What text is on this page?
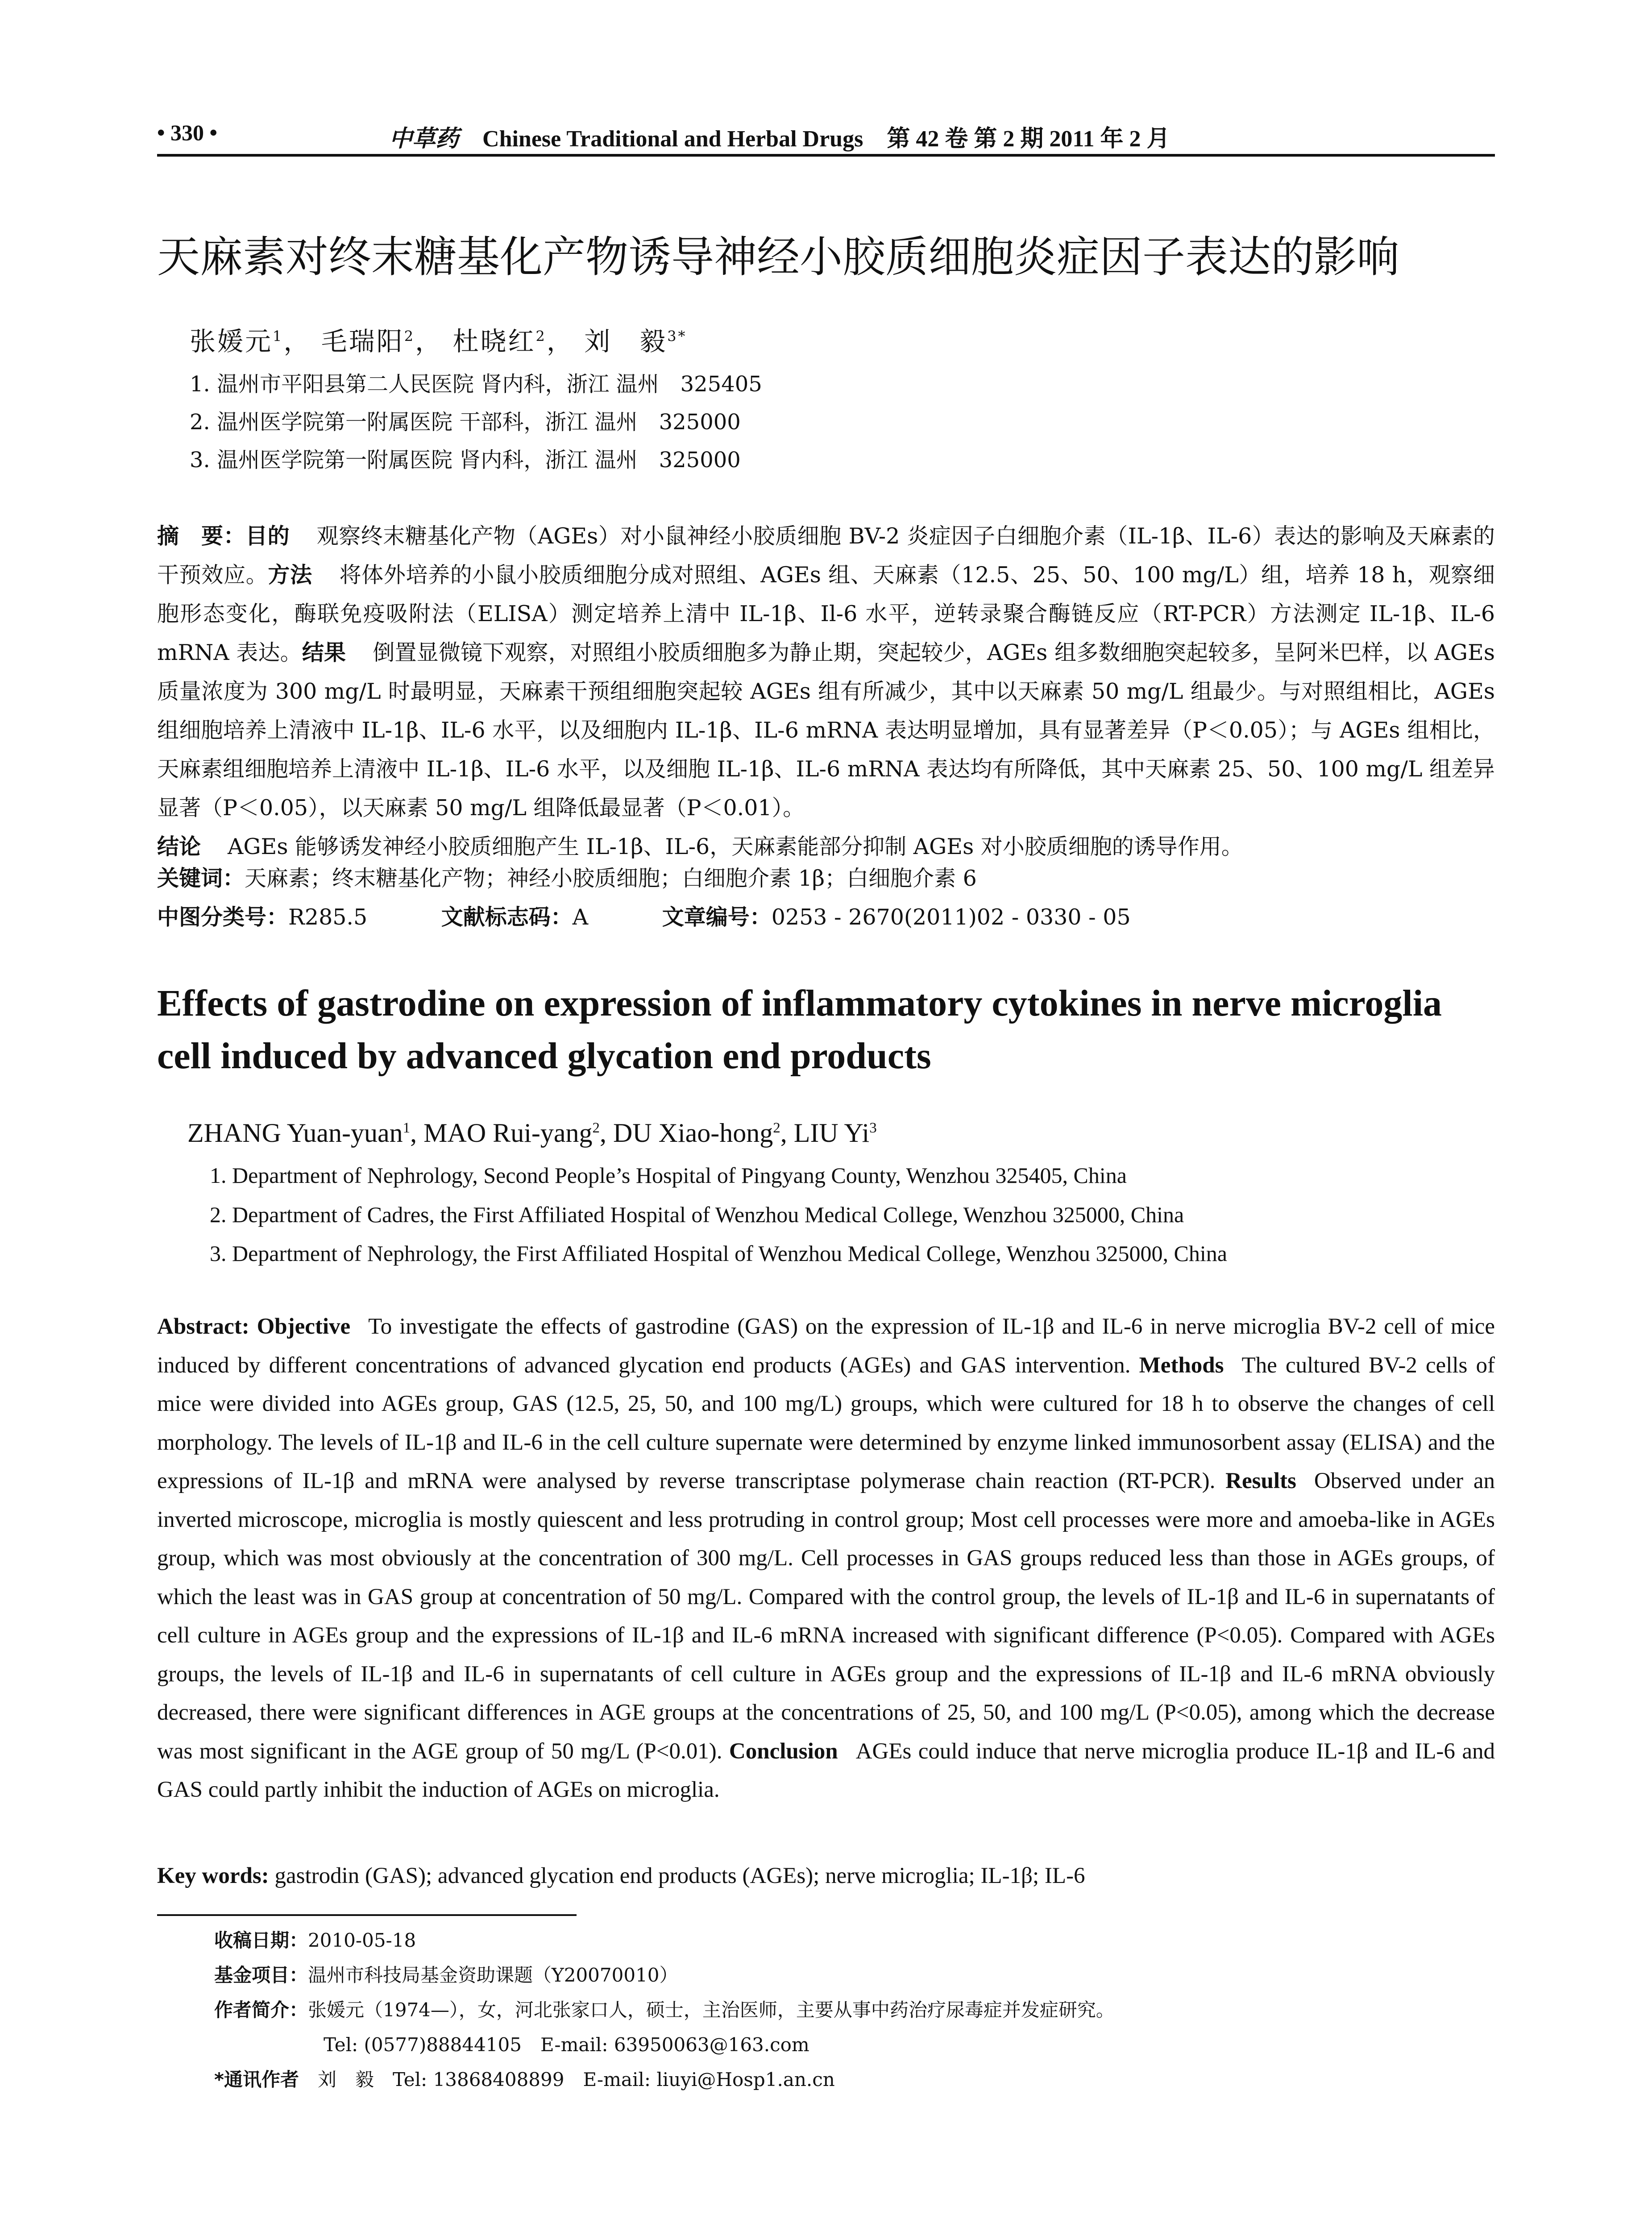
• 330 •	中草药 Chinese Traditional and Herbal Drugs 第 42 卷 第 2 期 2011 年 2 月
天麻素对终末糖基化产物诱导神经小胶质细胞炎症因子表达的影响
张媛元$^1$， 毛瑞阳$^2$， 杜晓红$^2$， 刘　毅$^{3*}$
1. 温州市平阳县第二人民医院 肾内科，浙江 温州　325405
2. 温州医学院第一附属医院 干部科，浙江 温州　325000
3. 温州医学院第一附属医院 肾内科，浙江 温州　325000
摘　要：目的 观察终末糖基化产物（AGEs）对小鼠神经小胶质细胞 BV-2 炎症因子白细胞介素（IL-1β、IL-6）表达的影响及天麻素的干预效应。方法 将体外培养的小鼠小胶质细胞分成对照组、AGEs 组、天麻素（12.5、25、50、100 mg/L）组，培养 18 h，观察细胞形态变化，酶联免疫吸附法（ELISA）测定培养上清中 IL-1β、Il-6 水平，逆转录聚合酶链反应（RT-PCR）方法测定 IL-1β、IL-6 mRNA 表达。结果 倒置显微镜下观察，对照组小胶质细胞多为静止期，突起较少，AGEs 组多数细胞突起较多，呈阿米巴样，以 AGEs 质量浓度为 300 mg/L 时最明显，天麻素干预组细胞突起较 AGEs 组有所减少，其中以天麻素 50 mg/L 组最少。与对照组相比，AGEs 组细胞培养上清液中 IL-1β、IL-6 水平，以及细胞内 IL-1β、IL-6 mRNA 表达明显增加，具有显著差异（P＜0.05）；与 AGEs 组相比，天麻素组细胞培养上清液中 IL-1β、IL-6 水平，以及细胞 IL-1β、IL-6 mRNA 表达均有所降低，其中天麻素 25、50、100 mg/L 组差异显著（P＜0.05），以天麻素 50 mg/L 组降低最显著（P＜0.01）。
结论 AGEs 能够诱发神经小胶质细胞产生 IL-1β、IL-6，天麻素能部分抑制 AGEs 对小胶质细胞的诱导作用。
关键词：天麻素；终末糖基化产物；神经小胶质细胞；白细胞介素 1β；白细胞介素 6
中图分类号：R285.5	文献标志码：A	文章编号：0253 - 2670(2011)02 - 0330 - 05
Effects of gastrodine on expression of inflammatory cytokines in nerve microglia cell induced by advanced glycation end products
ZHANG Yuan-yuan$^1$, MAO Rui-yang$^2$, DU Xiao-hong$^2$, LIU Yi$^3$
1. Department of Nephrology, Second People’s Hospital of Pingyang County, Wenzhou 325405, China
2. Department of Cadres, the First Affiliated Hospital of Wenzhou Medical College, Wenzhou 325000, China
3. Department of Nephrology, the First Affiliated Hospital of Wenzhou Medical College, Wenzhou 325000, China
Abstract: Objective To investigate the effects of gastrodine (GAS) on the expression of IL-1β and IL-6 in nerve microglia BV-2 cell of mice induced by different concentrations of advanced glycation end products (AGEs) and GAS intervention. Methods The cultured BV-2 cells of mice were divided into AGEs group, GAS (12.5, 25, 50, and 100 mg/L) groups, which were cultured for 18 h to observe the changes of cell morphology. The levels of IL-1β and IL-6 in the cell culture supernate were determined by enzyme linked immunosorbent assay (ELISA) and the expressions of IL-1β and mRNA were analysed by reverse transcriptase polymerase chain reaction (RT-PCR). Results Observed under an inverted microscope, microglia is mostly quiescent and less protruding in control group; Most cell processes were more and amoeba-like in AGEs group, which was most obviously at the concentration of 300 mg/L. Cell processes in GAS groups reduced less than those in AGEs groups, of which the least was in GAS group at concentration of 50 mg/L. Compared with the control group, the levels of IL-1β and IL-6 in supernatants of cell culture in AGEs group and the expressions of IL-1β and IL-6 mRNA increased with significant difference (P<0.05). Compared with AGEs groups, the levels of IL-1β and IL-6 in supernatants of cell culture in AGEs group and the expressions of IL-1β and IL-6 mRNA obviously decreased, there were significant differences in AGE groups at the concentrations of 25, 50, and 100 mg/L (P<0.05), among which the decrease was most significant in the AGE group of 50 mg/L (P<0.01). Conclusion AGEs could induce that nerve microglia produce IL-1β and IL-6 and GAS could partly inhibit the induction of AGEs on microglia.
Key words: gastrodin (GAS); advanced glycation end products (AGEs); nerve microglia; IL-1β; IL-6
收稿日期：2010-05-18
基金项目：温州市科技局基金资助课题（Y20070010）
作者简介：张媛元（1974—），女，河北张家口人，硕士，主治医师，主要从事中药治疗尿毒症并发症研究。
Tel: (0577)88844105　E-mail: 63950063@163.com
*通讯作者　 刘　毅　Tel: 13868408899　E-mail: liuyi@Hosp1.an.cn
